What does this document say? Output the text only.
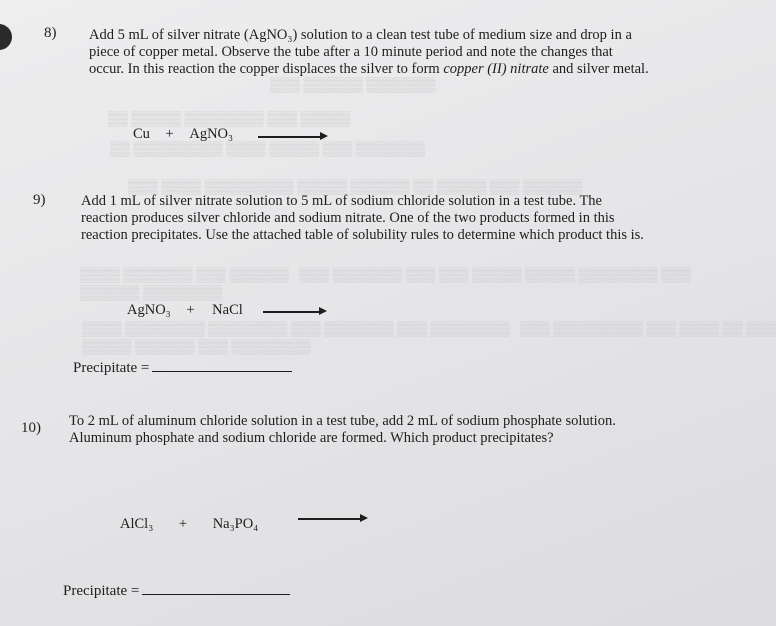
▒▒▒ ▒▒▒▒▒▒ ▒▒▒▒▒▒▒
▒▒ ▒▒▒▒▒ ▒▒▒▒▒▒▒▒ ▒▒▒ ▒▒▒▒▒
▒▒ ▒▒▒▒▒▒▒▒▒ ▒▒▒▒ ▒▒▒▒▒ ▒▒▒ ▒▒▒▒▒▒▒
▒▒▒ ▒▒▒▒ ▒▒▒▒▒▒▒▒▒ ▒▒▒▒▒ ▒▒▒▒▒▒ ▒▒ ▒▒▒▒▒ ▒▒▒ ▒▒▒▒▒▒
▒▒▒▒ ▒▒▒▒▒▒▒ ▒▒▒ ▒▒▒▒▒▒   ▒▒▒ ▒▒▒▒▒▒▒ ▒▒▒ ▒▒▒ ▒▒▒▒▒ ▒▒▒▒▒ ▒▒▒▒▒▒▒▒ ▒▒▒
▒▒▒▒▒▒ ▒▒▒▒▒▒▒▒
▒▒▒▒ ▒▒▒▒▒▒▒▒ ▒▒▒▒▒▒▒▒ ▒▒▒ ▒▒▒▒▒▒▒ ▒▒▒ ▒▒▒▒▒▒▒▒   ▒▒▒ ▒▒▒▒▒▒▒▒▒ ▒▒▒ ▒▒▒▒ ▒▒ ▒▒▒
▒▒▒▒▒ ▒▒▒▒▒▒ ▒▒▒ ▒▒▒▒▒▒▒▒
8) Add 5 mL of silver nitrate (AgNO₃) solution to a clean test tube of medium size and drop in a piece of copper metal. Observe the tube after a 10 minute period and note the changes that occur. In this reaction the copper displaces the silver to form copper (II) nitrate and silver metal.
Cu + AgNO₃
9) Add 1 mL of silver nitrate solution to 5 mL of sodium chloride solution in a test tube. The reaction produces silver chloride and sodium nitrate. One of the two products formed in this reaction precipitates. Use the attached table of solubility rules to determine which product this is.
AgNO₃ + NaCl
Precipitate =
10) To 2 mL of aluminum chloride solution in a test tube, add 2 mL of sodium phosphate solution. Aluminum phosphate and sodium chloride are formed. Which product precipitates?
AlCl₃ + Na₃PO₄
Precipitate =
